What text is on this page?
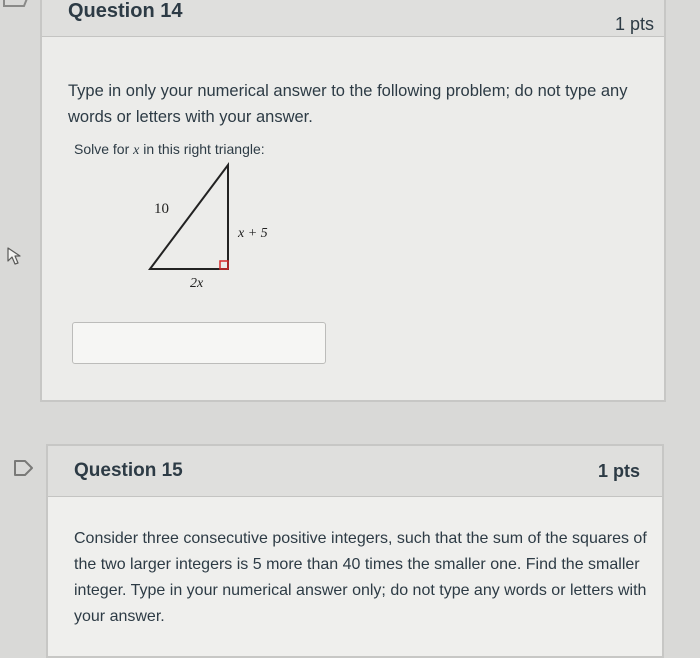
Question 14
1 pts
Type in only your numerical answer to the following problem; do not type any words or letters with your answer.
Solve for x in this right triangle:
10
x + 5
2x
Question 15	1 pts
Consider three consecutive positive integers, such that the sum of the squares of the two larger integers is 5 more than 40 times the smaller one. Find the smaller integer. Type in your numerical answer only; do not type any words or letters with your answer.
